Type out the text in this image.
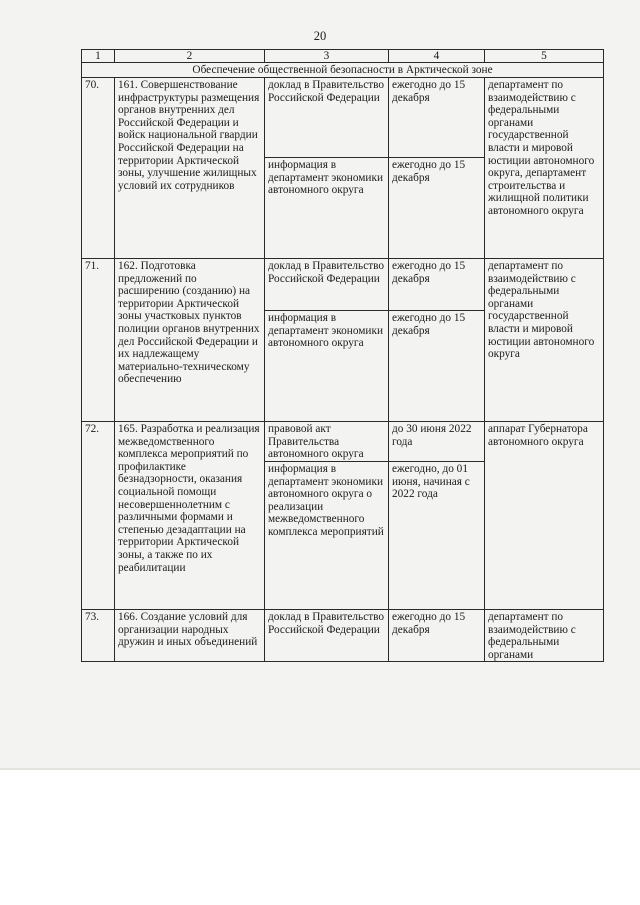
20
1	2	3	4	5
Обеспечение общественной безопасности в Арктической зоне				
70.	161. Совершенствование инфраструктуры размещения органов внутренних дел Российской Федерации и войск национальной гвардии Российской Федерации на территории Арктической зоны, улучшение жилищных условий их сотрудников	доклад в Правительство Российской Федерации	ежегодно до 15 декабря	департамент по взаимодействию с федеральными органами государственной власти и мировой юстиции автономного округа, департамент строительства и жилищной политики автономного округа
		информация в департамент экономики автономного округа	ежегодно до 15 декабря	
71.	162. Подготовка предложений по расширению (созданию) на территории Арктической зоны участковых пунктов полиции органов внутренних дел Российской Федерации и их надлежащему материально-техническому обеспечению	доклад в Правительство Российской Федерации	ежегодно до 15 декабря	департамент по взаимодействию с федеральными органами государственной власти и мировой юстиции автономного округа
		информация в департамент экономики автономного округа	ежегодно до 15 декабря	
72.	165. Разработка и реализация межведомственного комплекса мероприятий по профилактике безнадзорности, оказания социальной помощи несовершеннолетним с различными формами и степенью дезадаптации на территории Арктической зоны, а также по их реабилитации	правовой акт Правительства автономного округа	до 30 июня 2022 года	аппарат Губернатора автономного округа
		информация в департамент экономики автономного округа о реализации межведомственного комплекса мероприятий	ежегодно, до 01 июня, начиная с 2022 года	
73.	166. Создание условий для организации народных дружин и иных объединений	доклад в Правительство Российской Федерации	ежегодно до 15 декабря	департамент по взаимодействию с федеральными органами
